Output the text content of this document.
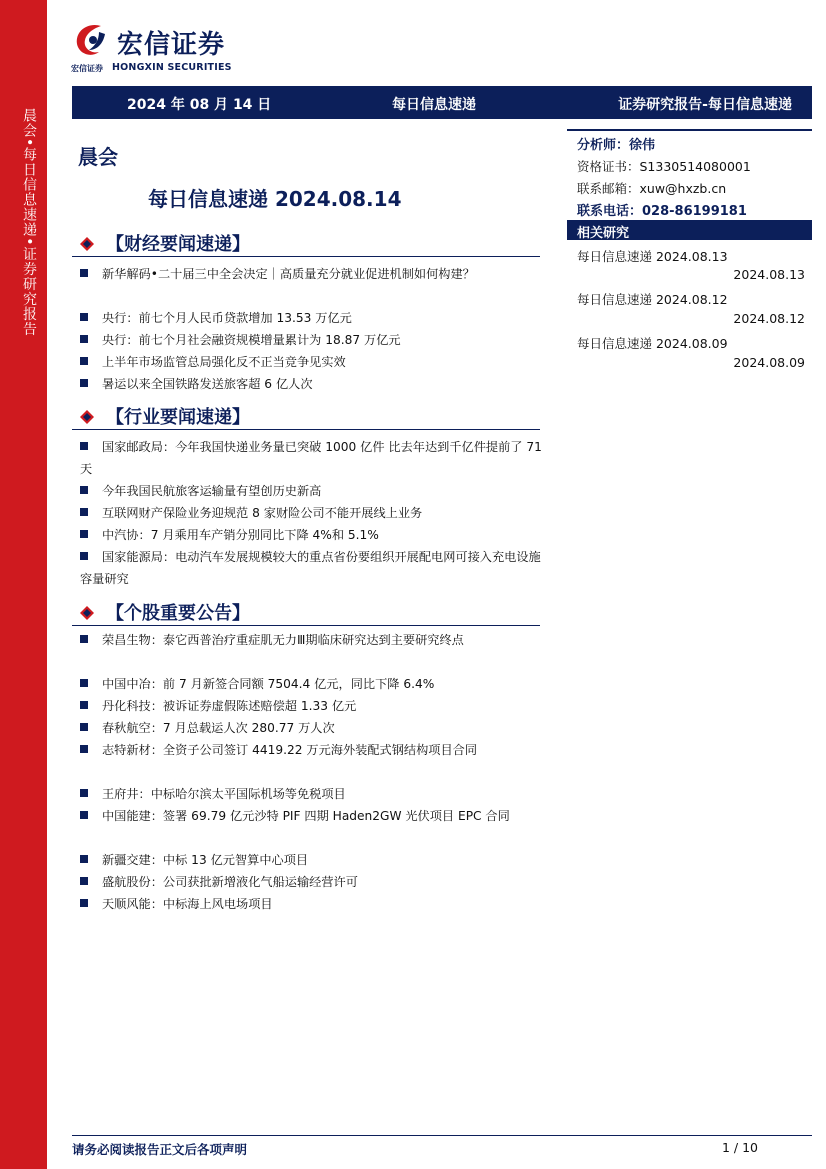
晨会•每日信息速递•证券研究报告
宏信证券
宏信证券 HONGXIN SECURITIES
2024 年 08 月 14 日	每日信息速递	证券研究报告-每日信息速递
晨会
每日信息速递 2024.08.14
【财经要闻速递】
新华解码•二十届三中全会决定｜高质量充分就业促进机制如何构建？
央行：前七个月人民币贷款增加 13.53 万亿元
央行：前七个月社会融资规模增量累计为 18.87 万亿元
上半年市场监管总局强化反不正当竞争见实效
暑运以来全国铁路发送旅客超 6 亿人次
【行业要闻速递】
国家邮政局：今年我国快递业务量已突破 1000 亿件 比去年达到千亿件提前了 71 天
今年我国民航旅客运输量有望创历史新高
互联网财产保险业务迎规范 8 家财险公司不能开展线上业务
中汽协：7 月乘用车产销分别同比下降 4%和 5.1%
国家能源局：电动汽车发展规模较大的重点省份要组织开展配电网可接入充电设施容量研究
【个股重要公告】
荣昌生物：泰它西普治疗重症肌无力Ⅲ期临床研究达到主要研究终点
中国中冶：前 7 月新签合同额 7504.4 亿元，同比下降 6.4%
丹化科技：被诉证券虚假陈述赔偿超 1.33 亿元
春秋航空：7 月总载运人次 280.77 万人次
志特新材：全资子公司签订 4419.22 万元海外装配式钢结构项目合同
王府井：中标哈尔滨太平国际机场等免税项目
中国能建：签署 69.79 亿元沙特 PIF 四期 Haden2GW 光伏项目 EPC 合同
新疆交建：中标 13 亿元智算中心项目
盛航股份：公司获批新增液化气船运输经营许可
天顺风能：中标海上风电场项目
分析师：徐伟
资格证书：S1330514080001
联系邮箱：xuw@hxzb.cn
联系电话：028-86199181
相关研究
每日信息速递 2024.08.13
2024.08.13
每日信息速递 2024.08.12
2024.08.12
每日信息速递 2024.08.09
2024.08.09
请务必阅读报告正文后各项声明	1 / 10
